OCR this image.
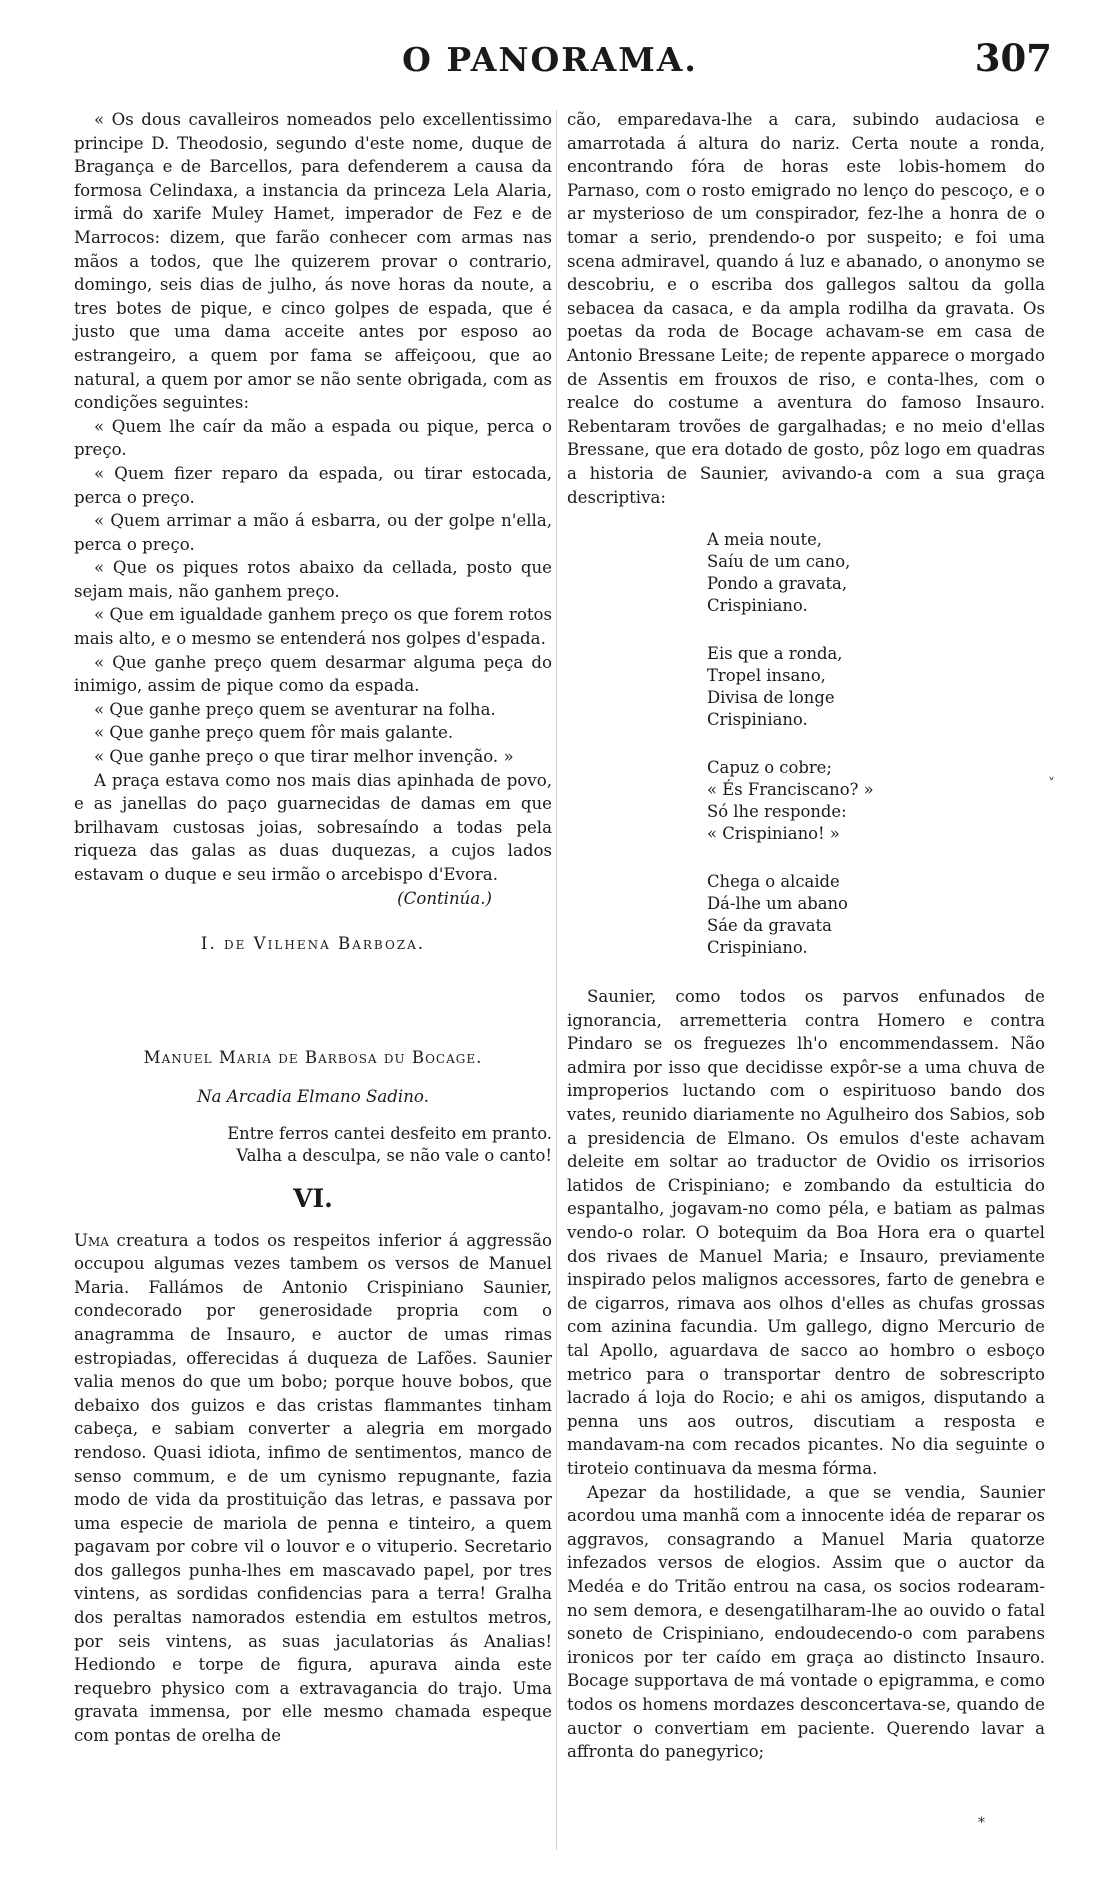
O PANORAMA.	307

« Os dous cavalleiros nomeados pelo excellentissimo principe D. Theodosio, segundo d'este nome, duque de Bragança e de Barcellos, para defenderem a causa da formosa Celindaxa, a instancia da princeza Lela Alaria, irmã do xarife Muley Hamet, imperador de Fez e de Marrocos: dizem, que farão conhecer com armas nas mãos a todos, que lhe quizerem provar o contrario, domingo, seis dias de julho, ás nove horas da noute, a tres botes de pique, e cinco golpes de espada, que é justo que uma dama acceite antes por esposo ao estrangeiro, a quem por fama se affeiçoou, que ao natural, a quem por amor se não sente obrigada, com as condições seguintes:

« Quem lhe caír da mão a espada ou pique, perca o preço.

« Quem fizer reparo da espada, ou tirar estocada, perca o preço.

« Quem arrimar a mão á esbarra, ou der golpe n'ella, perca o preço.

« Que os piques rotos abaixo da cellada, posto que sejam mais, não ganhem preço.

« Que em igualdade ganhem preço os que forem rotos mais alto, e o mesmo se entenderá nos golpes d'espada.

« Que ganhe preço quem desarmar alguma peça do inimigo, assim de pique como da espada.

« Que ganhe preço quem se aventurar na folha.

« Que ganhe preço quem fôr mais galante.

« Que ganhe preço o que tirar melhor invenção. »

A praça estava como nos mais dias apinhada de povo, e as janellas do paço guarnecidas de damas em que brilhavam custosas joias, sobresaíndo a todas pela riqueza das galas as duas duquezas, a cujos lados estavam o duque e seu irmão o arcebispo d'Evora.

(Continúa.)

I. de Vilhena Barboza.

Manuel Maria de Barbosa du Bocage.

Na Arcadia Elmano Sadino.

Entre ferros cantei desfeito em pranto.
Valha a desculpa, se não vale o canto!
VI.

Uma creatura a todos os respeitos inferior á aggressão occupou algumas vezes tambem os versos de Manuel Maria. Fallámos de Antonio Crispiniano Saunier, condecorado por generosidade propria com o anagramma de Insauro, e auctor de umas rimas estropiadas, offerecidas á duqueza de Lafões. Saunier valia menos do que um bobo; porque houve bobos, que debaixo dos guizos e das cristas flammantes tinham cabeça, e sabiam converter a alegria em morgado rendoso. Quasi idiota, infimo de sentimentos, manco de senso commum, e de um cynismo repugnante, fazia modo de vida da prostituição das letras, e passava por uma especie de mariola de penna e tinteiro, a quem pagavam por cobre vil o louvor e o vituperio. Secretario dos gallegos punha-lhes em mascavado papel, por tres vintens, as sordidas confidencias para a terra! Gralha dos peraltas namorados estendia em estultos metros, por seis vintens, as suas jaculatorias ás Analias! Hediondo e torpe de figura, apurava ainda este requebro physico com a extravagancia do trajo. Uma gravata immensa, por elle mesmo chamada espeque com pontas de orelha de

cão, emparedava-lhe a cara, subindo audaciosa e amarrotada á altura do nariz. Certa noute a ronda, encontrando fóra de horas este lobis-homem do Parnaso, com o rosto emigrado no lenço do pescoço, e o ar mysterioso de um conspirador, fez-lhe a honra de o tomar a serio, prendendo-o por suspeito; e foi uma scena admiravel, quando á luz e abanado, o anonymo se descobriu, e o escriba dos gallegos saltou da golla sebacea da casaca, e da ampla rodilha da gravata. Os poetas da roda de Bocage achavam-se em casa de Antonio Bressane Leite; de repente apparece o morgado de Assentis em frouxos de riso, e conta-lhes, com o realce do costume a aventura do famoso Insauro. Rebentaram trovões de gargalhadas; e no meio d'ellas Bressane, que era dotado de gosto, pôz logo em quadras a historia de Saunier, avivando-a com a sua graça descriptiva:

A meia noute,
Saíu de um cano,
Pondo a gravata,
Crispiniano.
Eis que a ronda,
Tropel insano,
Divisa de longe
Crispiniano.
Capuz o cobre;
« És Franciscano? »
Só lhe responde:
« Crispiniano! »
Chega o alcaide
Dá-lhe um abano
Sáe da gravata
Crispiniano.

Saunier, como todos os parvos enfunados de ignorancia, arremetteria contra Homero e contra Pindaro se os freguezes lh'o encommendassem. Não admira por isso que decidisse expôr-se a uma chuva de improperios luctando com o espirituoso bando dos vates, reunido diariamente no Agulheiro dos Sabios, sob a presidencia de Elmano. Os emulos d'este achavam deleite em soltar ao traductor de Ovidio os irrisorios latidos de Crispiniano; e zombando da estulticia do espantalho, jogavam-no como péla, e batiam as palmas vendo-o rolar. O botequim da Boa Hora era o quartel dos rivaes de Manuel Maria; e Insauro, previamente inspirado pelos malignos accessores, farto de genebra e de cigarros, rimava aos olhos d'elles as chufas grossas com azinina facundia. Um gallego, digno Mercurio de tal Apollo, aguardava de sacco ao hombro o esboço metrico para o transportar dentro de sobrescripto lacrado á loja do Rocio; e ahi os amigos, disputando a penna uns aos outros, discutiam a resposta e mandavam-na com recados picantes. No dia seguinte o tiroteio continuava da mesma fórma.

Apezar da hostilidade, a que se vendia, Saunier acordou uma manhã com a innocente idéa de reparar os aggravos, consagrando a Manuel Maria quatorze infezados versos de elogios. Assim que o auctor da Medéa e do Tritão entrou na casa, os socios rodearam-no sem demora, e desengatilharam-lhe ao ouvido o fatal soneto de Crispiniano, endoudecendo-o com parabens ironicos por ter caído em graça ao distincto Insauro. Bocage supportava de má vontade o epigramma, e como todos os homens mordazes desconcertava-se, quando de auctor o convertiam em paciente. Querendo lavar a affronta do panegyrico;

˅
*
